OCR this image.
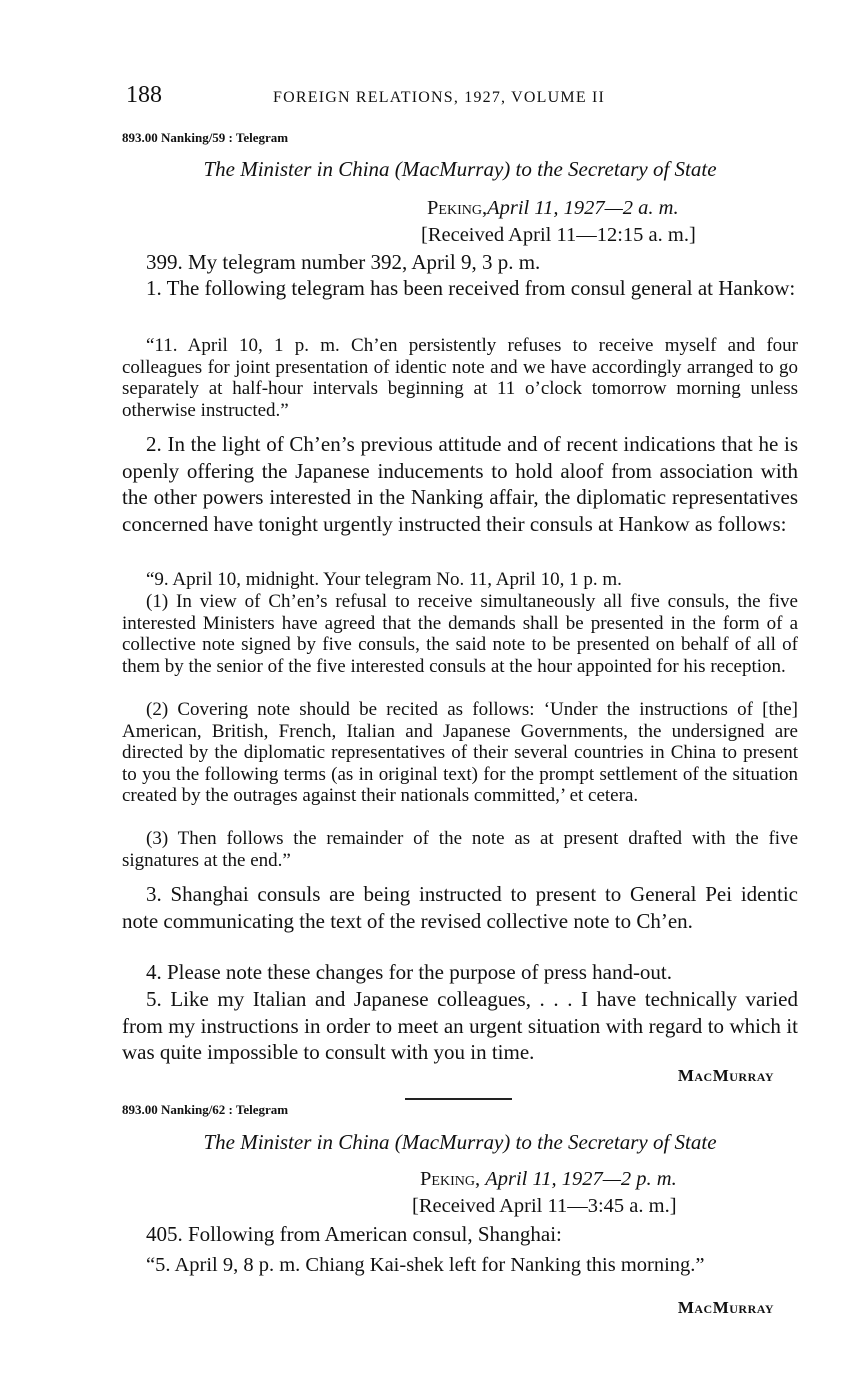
188	FOREIGN RELATIONS, 1927, VOLUME II
893.00 Nanking/59 : Telegram
The Minister in China (MacMurray) to the Secretary of State
Peking,April 11, 1927—2 a. m.
[Received April 11—12:15 a. m.]
399. My telegram number 392, April 9, 3 p. m.
1. The following telegram has been received from consul general at Hankow:
“11. April 10, 1 p. m. Ch’en persistently refuses to receive myself and four colleagues for joint presentation of identic note and we have accordingly arranged to go separately at half-hour intervals beginning at 11 o’clock tomorrow morning unless otherwise instructed.”
2. In the light of Ch’en’s previous attitude and of recent indications that he is openly offering the Japanese inducements to hold aloof from association with the other powers interested in the Nanking affair, the diplomatic representatives concerned have tonight urgently instructed their consuls at Hankow as follows:
“9. April 10, midnight. Your telegram No. 11, April 10, 1 p. m.
(1) In view of Ch’en’s refusal to receive simultaneously all five consuls, the five interested Ministers have agreed that the demands shall be presented in the form of a collective note signed by five consuls, the said note to be presented on behalf of all of them by the senior of the five interested consuls at the hour appointed for his reception.
(2) Covering note should be recited as follows: ‘Under the instructions of [the] American, British, French, Italian and Japanese Governments, the undersigned are directed by the diplomatic representatives of their several countries in China to present to you the following terms (as in original text) for the prompt settlement of the situation created by the outrages against their nationals committed,’ et cetera.
(3) Then follows the remainder of the note as at present drafted with the five signatures at the end.”
3. Shanghai consuls are being instructed to present to General Pei identic note communicating the text of the revised collective note to Ch’en.
4. Please note these changes for the purpose of press hand-out.
5. Like my Italian and Japanese colleagues, . . . I have technically varied from my instructions in order to meet an urgent situation with regard to which it was quite impossible to consult with you in time.
MacMurray
893.00 Nanking/62 : Telegram
The Minister in China (MacMurray) to the Secretary of State
Peking, April 11, 1927—2 p. m.
[Received April 11—3:45 a. m.]
405. Following from American consul, Shanghai:
“5. April 9, 8 p. m. Chiang Kai-shek left for Nanking this morning.”
MacMurray
